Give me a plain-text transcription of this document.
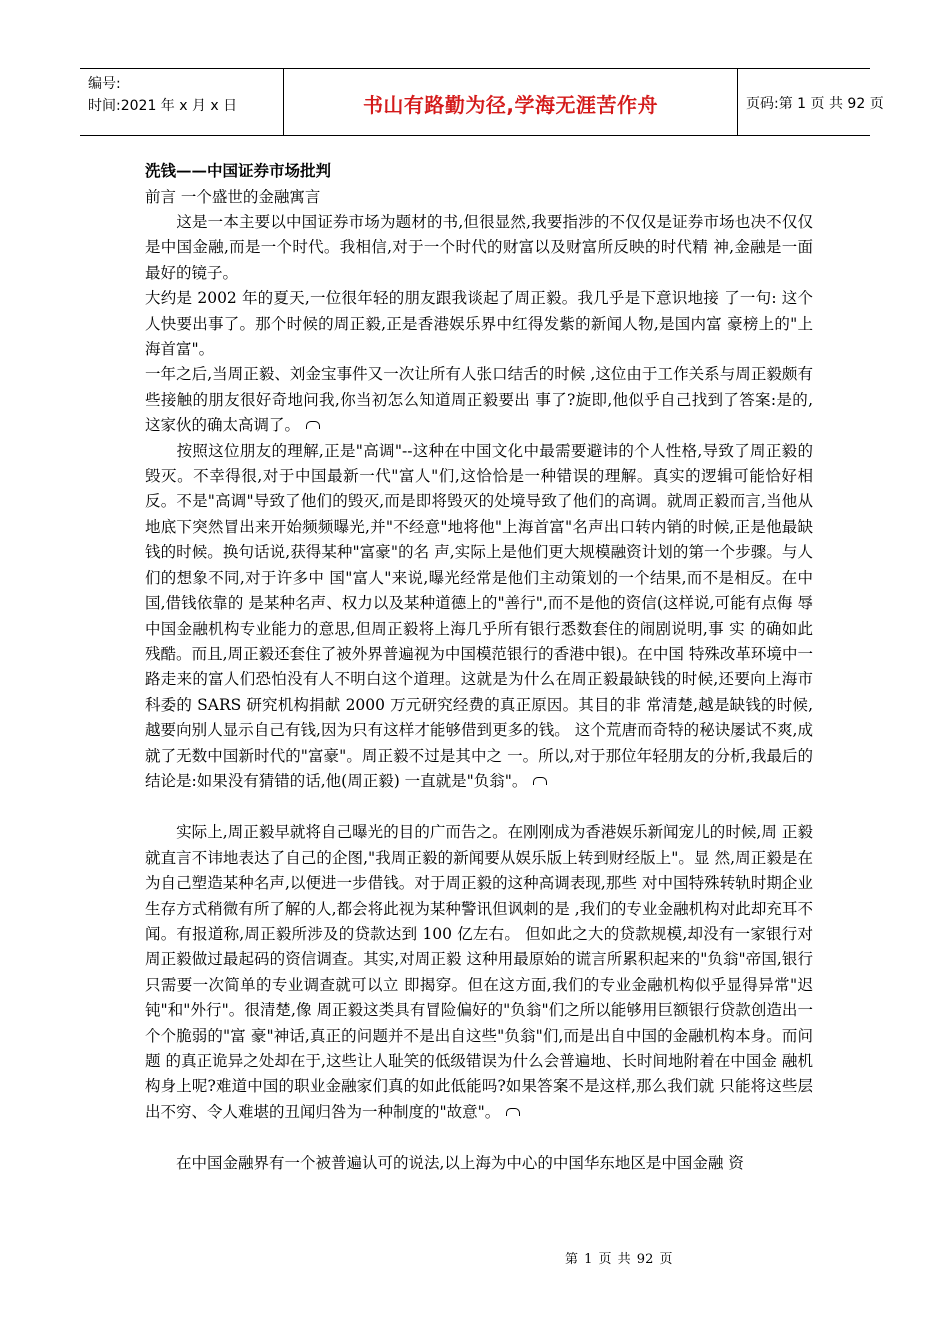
编号:
时间:2021 年 x 月 x 日	书山有路勤为径,学海无涯苦作舟	页码:第 1 页 共 92 页
洗钱——中国证券市场批判
前言 一个盛世的金融寓言

　　这是一本主要以中国证券市场为题材的书,但很显然,我要指涉的不仅仅是证券市场也决不仅仅是中国金融,而是一个时代。我相信,对于一个时代的财富以及财富所反映的时代精 神,金融是一面最好的镜子。

大约是 2002 年的夏天,一位很年轻的朋友跟我谈起了周正毅。我几乎是下意识地接 了一句: 这个人快要出事了。那个时候的周正毅,正是香港娱乐界中红得发紫的新闻人物,是国内富 豪榜上的"上海首富"。

一年之后,当周正毅、刘金宝事件又一次让所有人张口结舌的时候 ,这位由于工作关系与周正毅颇有些接触的朋友很好奇地问我,你当初怎么知道周正毅要出 事了?旋即,他似乎自己找到了答案:是的,这家伙的确太高调了。

　　按照这位朋友的理解,正是"高调"--这种在中国文化中最需要避讳的个人性格,导致了周正毅的毁灭。不幸得很,对于中国最新一代"富人"们,这恰恰是一种错误的理解。真实的逻辑可能恰好相反。不是"高调"导致了他们的毁灭,而是即将毁灭的处境导致了他们的高调。就周正毅而言,当他从地底下突然冒出来开始频频曝光,并"不经意"地将他"上海首富"名声出口转内销的时候,正是他最缺钱的时候。换句话说,获得某种"富豪"的名 声,实际上是他们更大规模融资计划的第一个步骤。与人们的想象不同,对于许多中 国"富人"来说,曝光经常是他们主动策划的一个结果,而不是相反。在中国,借钱依靠的 是某种名声、权力以及某种道德上的"善行",而不是他的资信(这样说,可能有点侮 辱中国金融机构专业能力的意思,但周正毅将上海几乎所有银行悉数套住的闹剧说明,事 实 的确如此残酷。而且,周正毅还套住了被外界普遍视为中国模范银行的香港中银)。在中国 特殊改革环境中一路走来的富人们恐怕没有人不明白这个道理。这就是为什么在周正毅最缺钱的时候,还要向上海市科委的 SARS 研究机构捐献 2000 万元研究经费的真正原因。其目的非 常清楚,越是缺钱的时候,越要向别人显示自己有钱,因为只有这样才能够借到更多的钱。 这个荒唐而奇特的秘诀屡试不爽,成就了无数中国新时代的"富豪"。周正毅不过是其中之 一。所以,对于那位年轻朋友的分析,我最后的结论是:如果没有猜错的话,他(周正毅) 一直就是"负翁"。

　　实际上,周正毅早就将自己曝光的目的广而告之。在刚刚成为香港娱乐新闻宠儿的时候,周 正毅就直言不讳地表达了自己的企图,"我周正毅的新闻要从娱乐版上转到财经版上"。显 然,周正毅是在为自己塑造某种名声,以便进一步借钱。对于周正毅的这种高调表现,那些 对中国特殊转轨时期企业生存方式稍微有所了解的人,都会将此视为某种警讯但讽刺的是 ,我们的专业金融机构对此却充耳不闻。有报道称,周正毅所涉及的贷款达到 100 亿左右。 但如此之大的贷款规模,却没有一家银行对周正毅做过最起码的资信调查。其实,对周正毅 这种用最原始的谎言所累积起来的"负翁"帝国,银行只需要一次简单的专业调查就可以立 即揭穿。但在这方面,我们的专业金融机构似乎显得异常"迟钝"和"外行"。很清楚,像 周正毅这类具有冒险偏好的"负翁"们之所以能够用巨额银行贷款创造出一个个脆弱的"富 豪"神话,真正的问题并不是出自这些"负翁"们,而是出自中国的金融机构本身。而问题 的真正诡异之处却在于,这些让人耻笑的低级错误为什么会普遍地、长时间地附着在中国金 融机构身上呢?难道中国的职业金融家们真的如此低能吗?如果答案不是这样,那么我们就 只能将这些层出不穷、令人难堪的丑闻归咎为一种制度的"故意"。

　　在中国金融界有一个被普遍认可的说法,以上海为中心的中国华东地区是中国金融 资

第 1 页 共 92 页
